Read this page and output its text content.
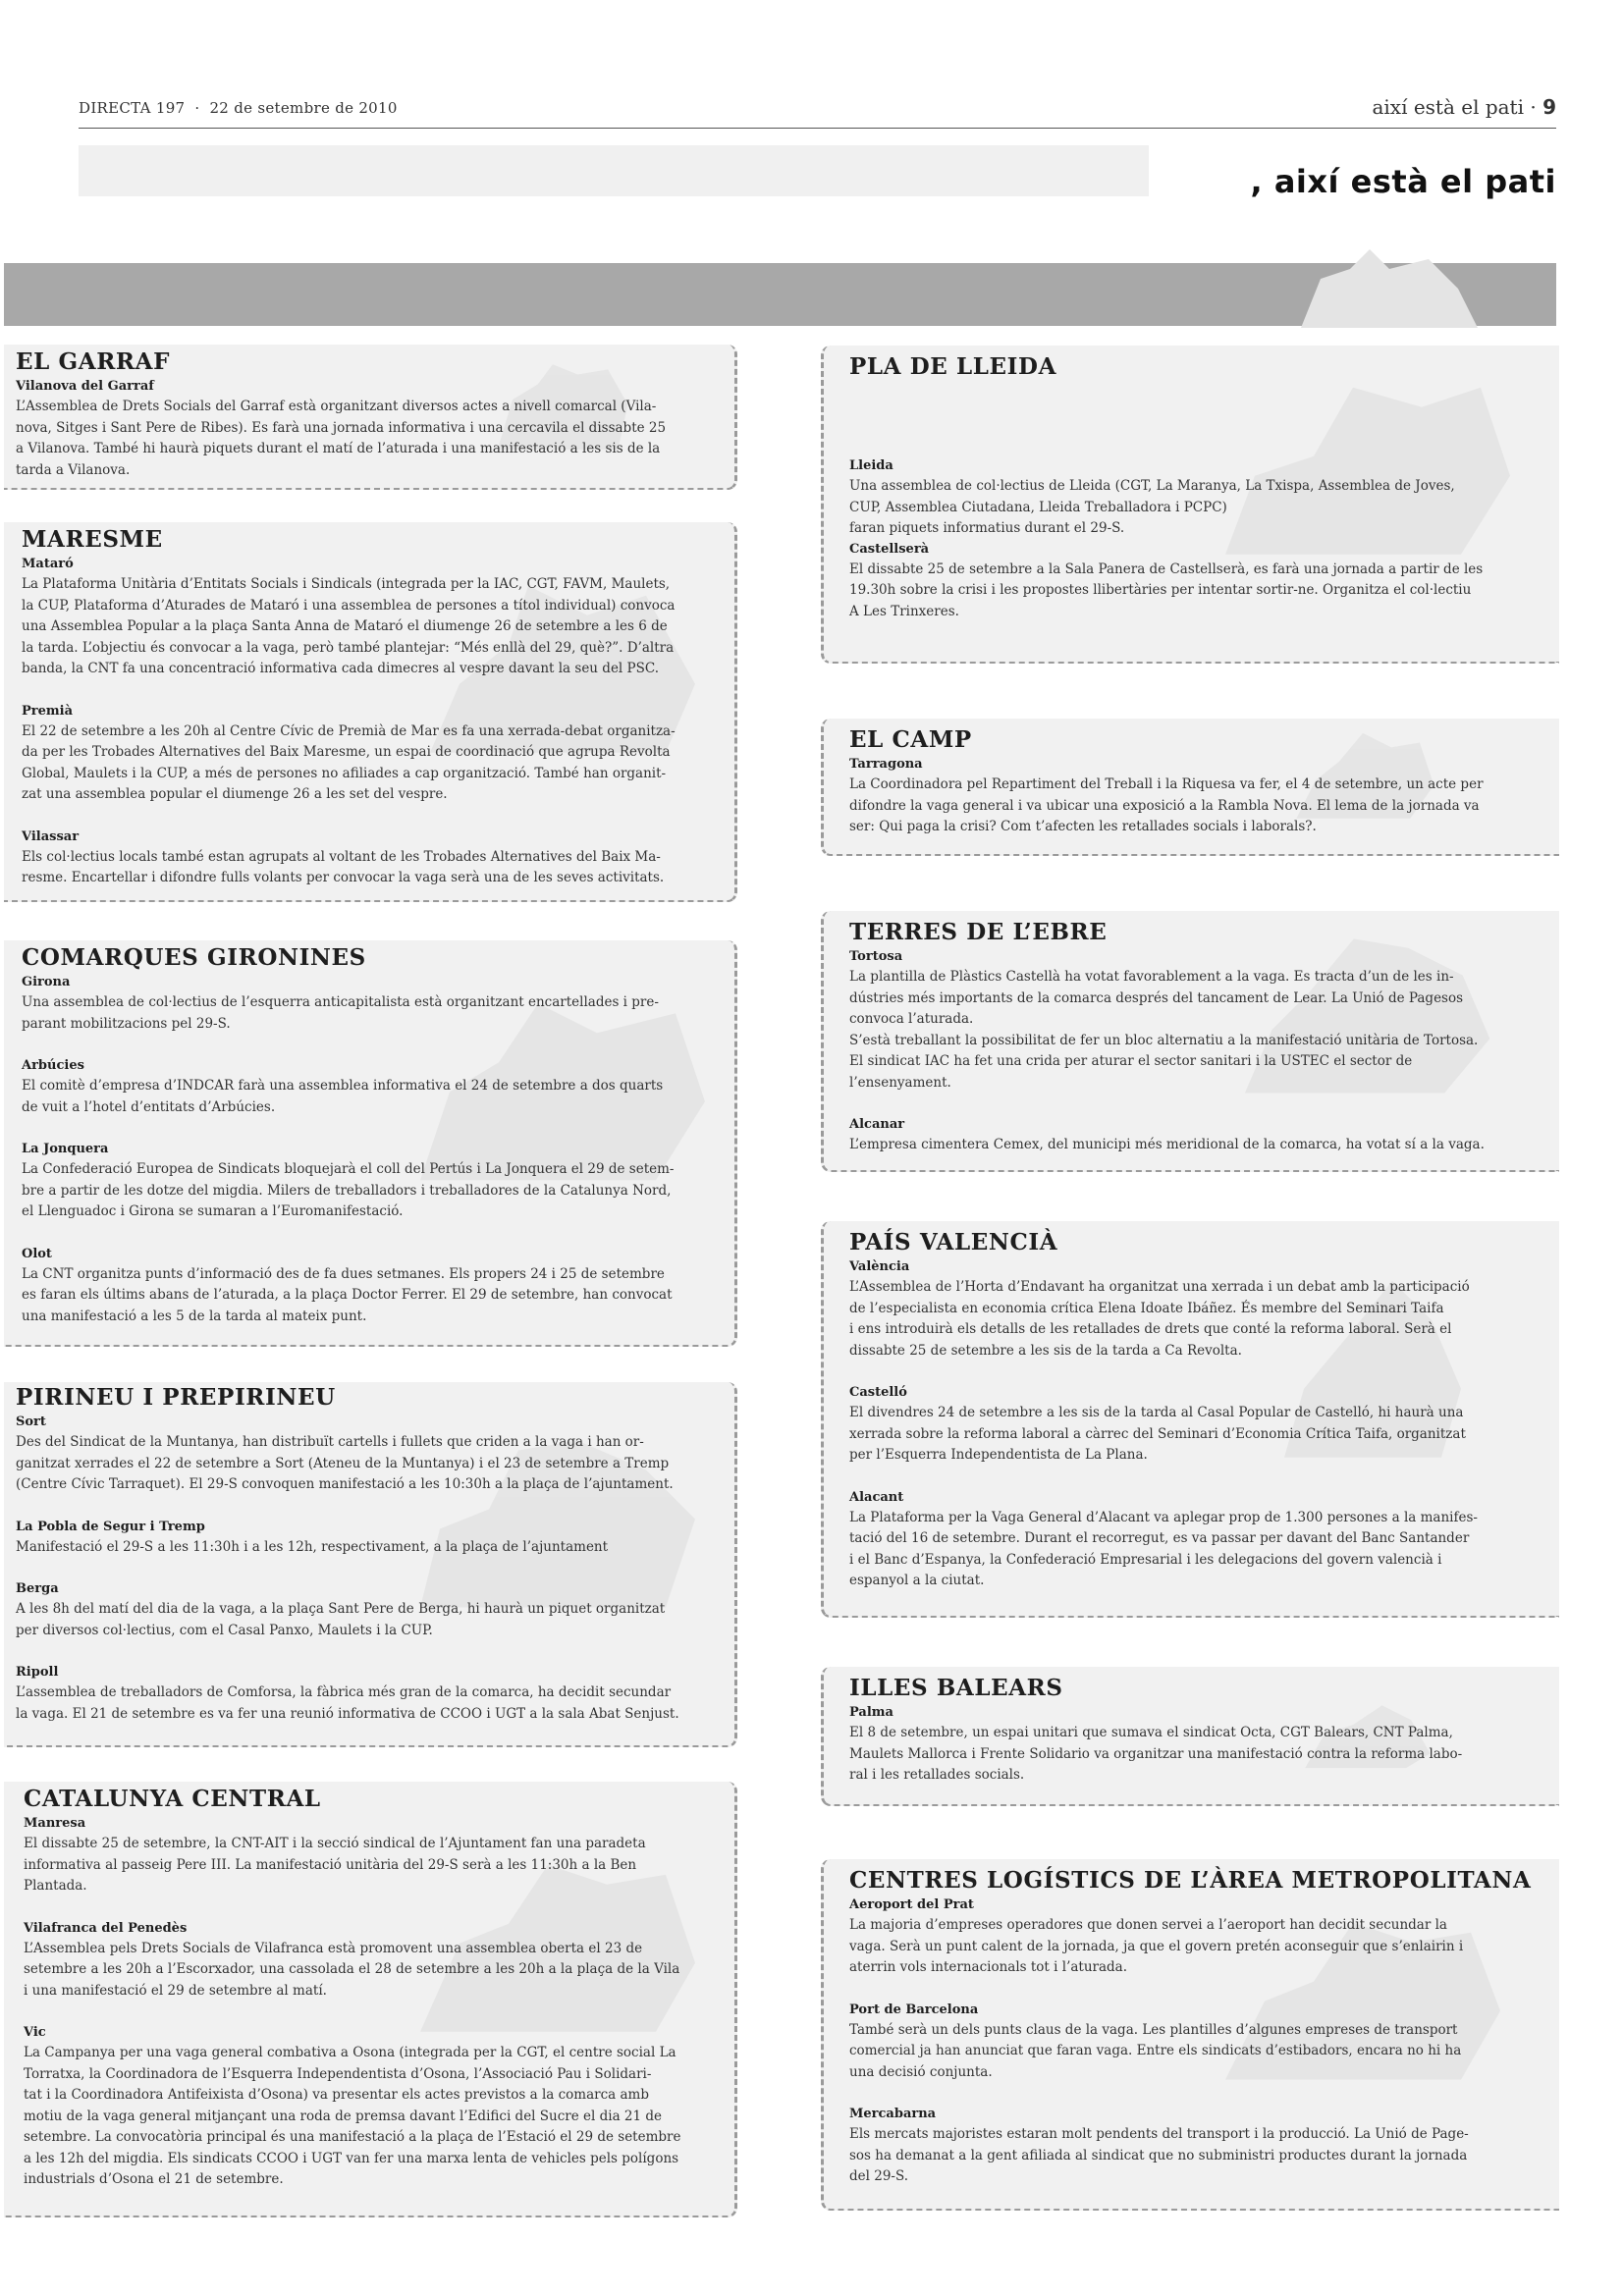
DIRECTA 197 · 22 de setembre de 2010	així està el pati · 9
, així està el pati
EL GARRAF

Vilanova del Garraf

L’Assemblea de Drets Socials del Garraf està organitzant diversos actes a nivell comarcal (Vila-
nova, Sitges i Sant Pere de Ribes). Es farà una jornada informativa i una cercavila el dissabte 25
a Vilanova. També hi haurà piquets durant el matí de l’aturada i una manifestació a les sis de la
tarda a Vilanova.

MARESME

Mataró

La Plataforma Unitària d’Entitats Socials i Sindicals (integrada per la IAC, CGT, FAVM, Maulets,
la CUP, Plataforma d’Aturades de Mataró i una assemblea de persones a títol individual) convoca
una Assemblea Popular a la plaça Santa Anna de Mataró el diumenge 26 de setembre a les 6 de
la tarda. L’objectiu és convocar a la vaga, però també plantejar: “Més enllà del 29, què?”. D’altra
banda, la CNT fa una concentració informativa cada dimecres al vespre davant la seu del PSC.

Premià

El 22 de setembre a les 20h al Centre Cívic de Premià de Mar es fa una xerrada-debat organitza-
da per les Trobades Alternatives del Baix Maresme, un espai de coordinació que agrupa Revolta
Global, Maulets i la CUP, a més de persones no afiliades a cap organització. També han organit-
zat una assemblea popular el diumenge 26 a les set del vespre.

Vilassar

Els col·lectius locals també estan agrupats al voltant de les Trobades Alternatives del Baix Ma-
resme. Encartellar i difondre fulls volants per convocar la vaga serà una de les seves activitats.

COMARQUES GIRONINES

Girona

Una assemblea de col·lectius de l’esquerra anticapitalista està organitzant encartellades i pre-
parant mobilitzacions pel 29-S.

Arbúcies

El comitè d’empresa d’INDCAR farà una assemblea informativa el 24 de setembre a dos quarts
de vuit a l’hotel d’entitats d’Arbúcies.

La Jonquera

La Confederació Europea de Sindicats bloquejarà el coll del Pertús i La Jonquera el 29 de setem-
bre a partir de les dotze del migdia. Milers de treballadors i treballadores de la Catalunya Nord,
el Llenguadoc i Girona se sumaran a l’Euromanifestació.

Olot

La CNT organitza punts d’informació des de fa dues setmanes. Els propers 24 i 25 de setembre
es faran els últims abans de l’aturada, a la plaça Doctor Ferrer. El 29 de setembre, han convocat
una manifestació a les 5 de la tarda al mateix punt.

PIRINEU I PREPIRINEU

Sort

Des del Sindicat de la Muntanya, han distribuït cartells i fullets que criden a la vaga i han or-
ganitzat xerrades el 22 de setembre a Sort (Ateneu de la Muntanya) i el 23 de setembre a Tremp
(Centre Cívic Tarraquet). El 29-S convoquen manifestació a les 10:30h a la plaça de l’ajuntament.

La Pobla de Segur i Tremp

Manifestació el 29-S a les 11:30h i a les 12h, respectivament, a la plaça de l’ajuntament

Berga

A les 8h del matí del dia de la vaga, a la plaça Sant Pere de Berga, hi haurà un piquet organitzat
per diversos col·lectius, com el Casal Panxo, Maulets i la CUP.

Ripoll

L’assemblea de treballadors de Comforsa, la fàbrica més gran de la comarca, ha decidit secundar
la vaga. El 21 de setembre es va fer una reunió informativa de CCOO i UGT a la sala Abat Senjust.

CATALUNYA CENTRAL

Manresa

El dissabte 25 de setembre, la CNT-AIT i la secció sindical de l’Ajuntament fan una paradeta
informativa al passeig Pere III. La manifestació unitària del 29-S serà a les 11:30h a la Ben
Plantada.

Vilafranca del Penedès

L’Assemblea pels Drets Socials de Vilafranca està promovent una assemblea oberta el 23 de
setembre a les 20h a l’Escorxador, una cassolada el 28 de setembre a les 20h a la plaça de la Vila
i una manifestació el 29 de setembre al matí.

Vic

La Campanya per una vaga general combativa a Osona (integrada per la CGT, el centre social La
Torratxa, la Coordinadora de l’Esquerra Independentista d’Osona, l’Associació Pau i Solidari-
tat i la Coordinadora Antifeixista d’Osona) va presentar els actes previstos a la comarca amb
motiu de la vaga general mitjançant una roda de premsa davant l’Edifici del Sucre el dia 21 de
setembre. La convocatòria principal és una manifestació a la plaça de l’Estació el 29 de setembre
a les 12h del migdia. Els sindicats CCOO i UGT van fer una marxa lenta de vehicles pels polígons
industrials d’Osona el 21 de setembre.

PLA DE LLEIDA

Lleida

Una assemblea de col·lectius de Lleida (CGT, La Maranya, La Txispa, Assemblea de Joves,
CUP, Assemblea Ciutadana, Lleida Treballadora i PCPC)
faran piquets informatius durant el 29-S.

Castellserà

El dissabte 25 de setembre a la Sala Panera de Castellserà, es farà una jornada a partir de les
19.30h sobre la crisi i les propostes llibertàries per intentar sortir-ne. Organitza el col·lectiu
A Les Trinxeres.

EL CAMP

Tarragona

La Coordinadora pel Repartiment del Treball i la Riquesa va fer, el 4 de setembre, un acte per
difondre la vaga general i va ubicar una exposició a la Rambla Nova. El lema de la jornada va
ser: Qui paga la crisi? Com t’afecten les retallades socials i laborals?.

TERRES DE L’EBRE

Tortosa

La plantilla de Plàstics Castellà ha votat favorablement a la vaga. Es tracta d’un de les in-
dústries més importants de la comarca després del tancament de Lear. La Unió de Pagesos
convoca l’aturada.
S’està treballant la possibilitat de fer un bloc alternatiu a la manifestació unitària de Tortosa.
El sindicat IAC ha fet una crida per aturar el sector sanitari i la USTEC el sector de
l’ensenyament.

Alcanar

L’empresa cimentera Cemex, del municipi més meridional de la comarca, ha votat sí a la vaga.

PAÍS VALENCIÀ

València

L’Assemblea de l’Horta d’Endavant ha organitzat una xerrada i un debat amb la participació
de l’especialista en economia crítica Elena Idoate Ibáñez. És membre del Seminari Taifa
i ens introduirà els detalls de les retallades de drets que conté la reforma laboral. Serà el
dissabte 25 de setembre a les sis de la tarda a Ca Revolta.

Castelló

El divendres 24 de setembre a les sis de la tarda al Casal Popular de Castelló, hi haurà una
xerrada sobre la reforma laboral a càrrec del Seminari d’Economia Crítica Taifa, organitzat
per l’Esquerra Independentista de La Plana.

Alacant

La Plataforma per la Vaga General d’Alacant va aplegar prop de 1.300 persones a la manifes-
tació del 16 de setembre. Durant el recorregut, es va passar per davant del Banc Santander
i el Banc d’Espanya, la Confederació Empresarial i les delegacions del govern valencià i
espanyol a la ciutat.

ILLES BALEARS

Palma

El 8 de setembre, un espai unitari que sumava el sindicat Octa, CGT Balears, CNT Palma,
Maulets Mallorca i Frente Solidario va organitzar una manifestació contra la reforma labo-
ral i les retallades socials.

CENTRES LOGÍSTICS DE L’ÀREA METROPOLITANA

Aeroport del Prat

La majoria d’empreses operadores que donen servei a l’aeroport han decidit secundar la
vaga. Serà un punt calent de la jornada, ja que el govern pretén aconseguir que s’enlairin i
aterrin vols internacionals tot i l’aturada.

Port de Barcelona

També serà un dels punts claus de la vaga. Les plantilles d’algunes empreses de transport
comercial ja han anunciat que faran vaga. Entre els sindicats d’estibadors, encara no hi ha
una decisió conjunta.

Mercabarna

Els mercats majoristes estaran molt pendents del transport i la producció. La Unió de Page-
sos ha demanat a la gent afiliada al sindicat que no subministri productes durant la jornada
del 29-S.
